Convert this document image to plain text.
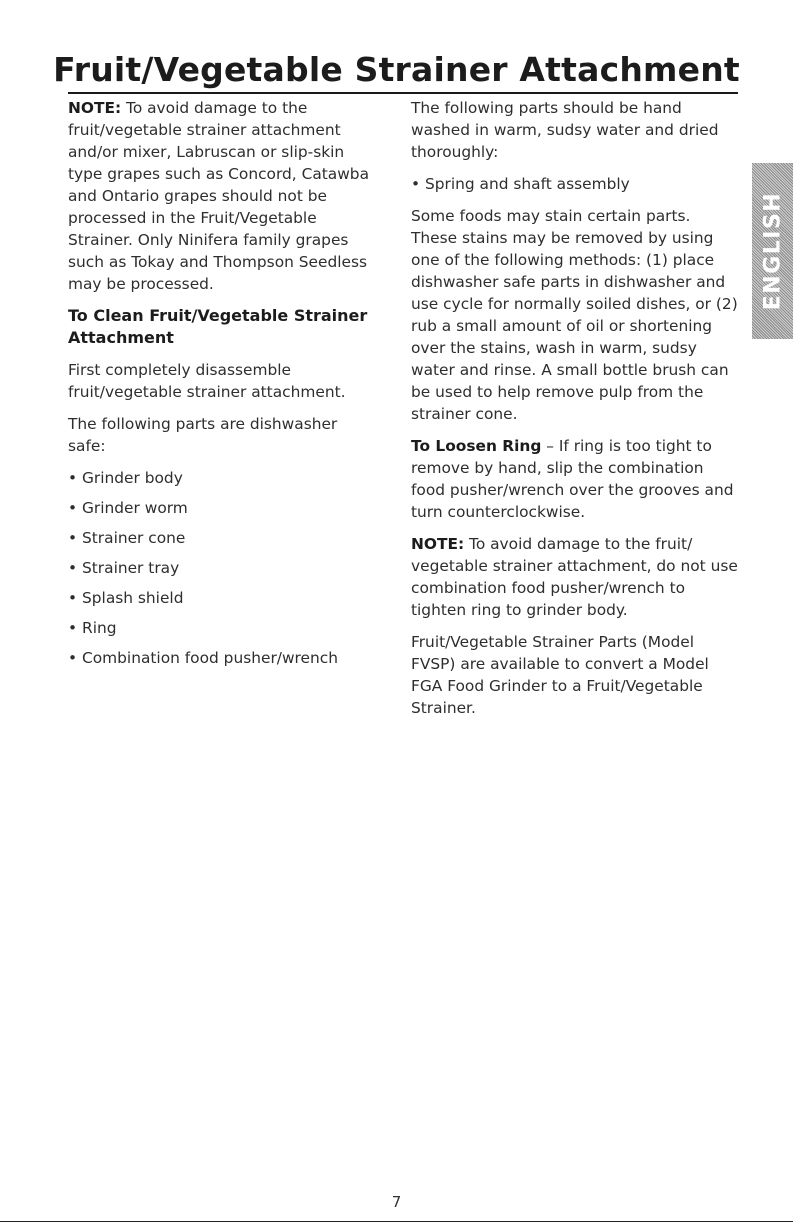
Fruit/Vegetable Strainer Attachment

NOTE: To avoid damage to the fruit/vegetable strainer attachment and/or mixer, Labruscan or slip-skin type grapes such as Concord, Catawba and Ontario grapes should not be processed in the Fruit/Vegetable Strainer. Only Ninifera family grapes such as Tokay and Thompson Seedless may be processed.

To Clean Fruit/Vegetable Strainer Attachment

First completely disassemble fruit/vegetable strainer attachment.

The following parts are dishwasher safe:

• Grinder body
• Grinder worm
• Strainer cone
• Strainer tray
• Splash shield
• Ring
• Combination food pusher/wrench

The following parts should be hand washed in warm, sudsy water and dried thoroughly:

• Spring and shaft assembly

Some foods may stain certain parts. These stains may be removed by using one of the following methods: (1) place dishwasher safe parts in dishwasher and use cycle for normally soiled dishes, or (2) rub a small amount of oil or shortening over the stains, wash in warm, sudsy water and rinse. A small bottle brush can be used to help remove pulp from the strainer cone.

To Loosen Ring – If ring is too tight to remove by hand, slip the combination food pusher/wrench over the grooves and turn counterclockwise.

NOTE: To avoid damage to the fruit/ vegetable strainer attachment, do not use combination food pusher/wrench to tighten ring to grinder body.

Fruit/Vegetable Strainer Parts (Model FVSP) are available to convert a Model FGA Food Grinder to a Fruit/Vegetable Strainer.

ENGLISH
7
